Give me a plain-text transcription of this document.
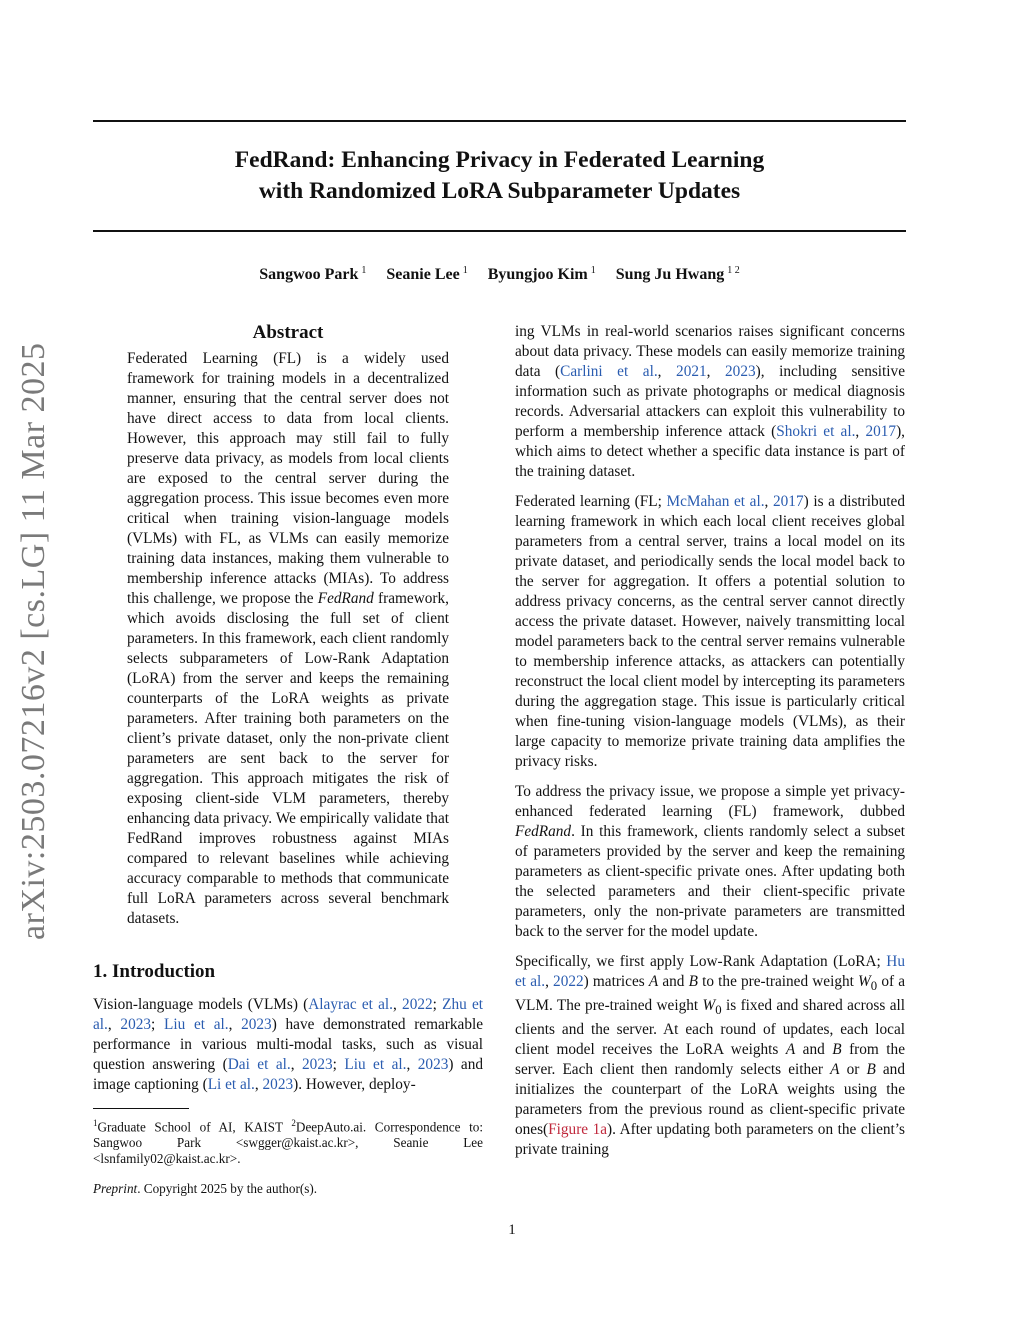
FedRand: Enhancing Privacy in Federated Learning
with Randomized LoRA Subparameter Updates
Sangwoo Park $^1$ Seanie Lee $^1$ Byungjoo Kim $^1$ Sung Ju Hwang $^{1 2}$
arXiv:2503.07216v2 [cs.LG] 11 Mar 2025
Abstract

Federated Learning (FL) is a widely used framework for training models in a decentralized manner, ensuring that the central server does not have direct access to data from local clients. However, this approach may still fail to fully preserve data privacy, as models from local clients are exposed to the central server during the aggregation process. This issue becomes even more critical when training vision-language models (VLMs) with FL, as VLMs can easily memorize training data instances, making them vulnerable to membership inference attacks (MIAs). To address this challenge, we propose the FedRand framework, which avoids disclosing the full set of client parameters. In this framework, each client randomly selects subparameters of Low-Rank Adaptation (LoRA) from the server and keeps the remaining counterparts of the LoRA weights as private parameters. After training both parameters on the client’s private dataset, only the non-private client parameters are sent back to the server for aggregation. This approach mitigates the risk of exposing client-side VLM parameters, thereby enhancing data privacy. We empirically validate that FedRand improves robustness against MIAs compared to relevant baselines while achieving accuracy comparable to methods that communicate full LoRA parameters across several benchmark datasets.

1. Introduction

Vision-language models (VLMs) (Alayrac et al., 2022; Zhu et al., 2023; Liu et al., 2023) have demonstrated remarkable performance in various multi-modal tasks, such as visual question answering (Dai et al., 2023; Liu et al., 2023) and image captioning (Li et al., 2023). However, deploy-

ing VLMs in real-world scenarios raises significant concerns about data privacy. These models can easily memorize training data (Carlini et al., 2021, 2023), including sensitive information such as private photographs or medical diagnosis records. Adversarial attackers can exploit this vulnerability to perform a membership inference attack (Shokri et al., 2017), which aims to detect whether a specific data instance is part of the training dataset.

Federated learning (FL; McMahan et al., 2017) is a distributed learning framework in which each local client receives global parameters from a central server, trains a local model on its private dataset, and periodically sends the local model back to the server for aggregation. It offers a potential solution to address privacy concerns, as the central server cannot directly access the private dataset. However, naively transmitting local model parameters back to the central server remains vulnerable to membership inference attacks, as attackers can potentially reconstruct the local client model by intercepting its parameters during the aggregation stage. This issue is particularly critical when fine-tuning vision-language models (VLMs), as their large capacity to memorize private training data amplifies the privacy risks.

To address the privacy issue, we propose a simple yet privacy-enhanced federated learning (FL) framework, dubbed FedRand. In this framework, clients randomly select a subset of parameters provided by the server and keep the remaining parameters as client-specific private ones. After updating both the selected parameters and their client-specific private parameters, only the non-private parameters are transmitted back to the server for the model update.

Specifically, we first apply Low-Rank Adaptation (LoRA; Hu et al., 2022) matrices A and B to the pre-trained weight $W_0$ of a VLM. The pre-trained weight $W_0$ is fixed and shared across all clients and the server. At each round of updates, each local client model receives the LoRA weights A and B from the server. Each client then randomly selects either A or B and initializes the counterpart of the LoRA weights using the parameters from the previous round as client-specific private ones(Figure 1a). After updating both parameters on the client’s private training

$^1$Graduate School of AI, KAIST $^2$DeepAuto.ai. Correspondence to: Sangwoo Park <swgger@kaist.ac.kr>, Seanie Lee <lsnfamily02@kaist.ac.kr>.

Preprint. Copyright 2025 by the author(s).

1
